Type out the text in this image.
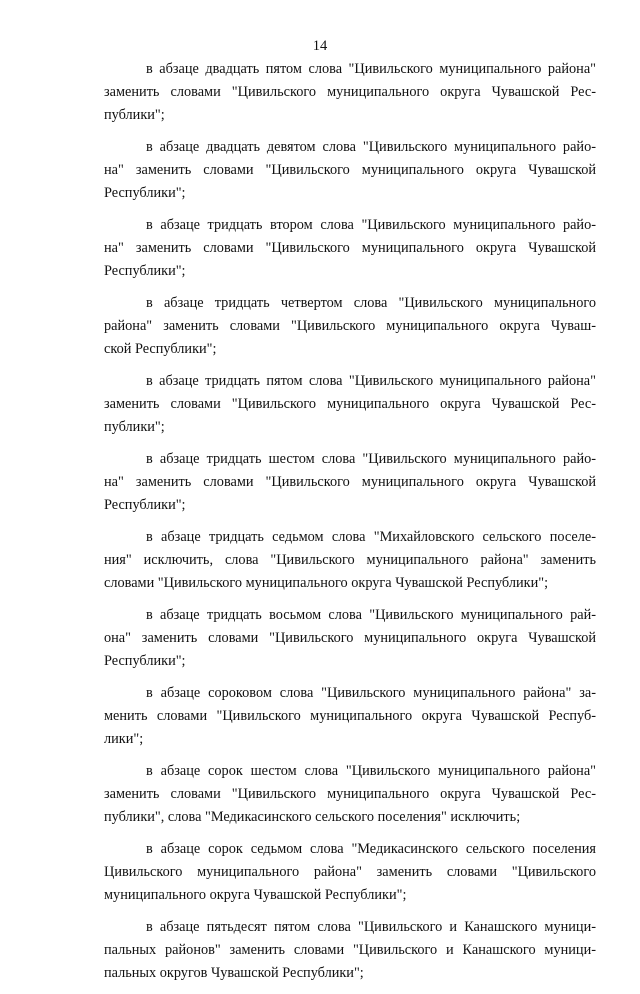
14
в абзаце двадцать пятом слова "Цивильского муниципального района"
заменить словами "Цивильского муниципального округа Чувашской Рес-
публики";
в абзаце двадцать девятом слова "Цивильского муниципального райо-
на" заменить словами "Цивильского муниципального округа Чувашской
Республики";
в абзаце тридцать втором слова "Цивильского муниципального райо-
на" заменить словами "Цивильского муниципального округа Чувашской
Республики";
в абзаце тридцать четвертом слова "Цивильского муниципального
района" заменить словами "Цивильского муниципального округа Чуваш-
ской Республики";
в абзаце тридцать пятом слова "Цивильского муниципального района"
заменить словами "Цивильского муниципального округа Чувашской Рес-
публики";
в абзаце тридцать шестом слова "Цивильского муниципального райо-
на" заменить словами "Цивильского муниципального округа Чувашской
Республики";
в абзаце тридцать седьмом слова "Михайловского сельского поселе-
ния" исключить, слова "Цивильского муниципального района" заменить
словами "Цивильского муниципального округа Чувашской Республики";
в абзаце тридцать восьмом слова "Цивильского муниципального рай-
она" заменить словами "Цивильского муниципального округа Чувашской
Республики";
в абзаце сороковом слова "Цивильского муниципального района" за-
менить словами "Цивильского муниципального округа Чувашской Респуб-
лики";
в абзаце сорок шестом слова "Цивильского муниципального района"
заменить словами "Цивильского муниципального округа Чувашской Рес-
публики", слова "Медикасинского сельского поселения" исключить;
в абзаце сорок седьмом слова "Медикасинского сельского поселения
Цивильского муниципального района" заменить словами "Цивильского
муниципального округа Чувашской Республики";
в абзаце пятьдесят пятом слова "Цивильского и Канашского муници-
пальных районов" заменить словами "Цивильского и Канашского муници-
пальных округов Чувашской Республики";
